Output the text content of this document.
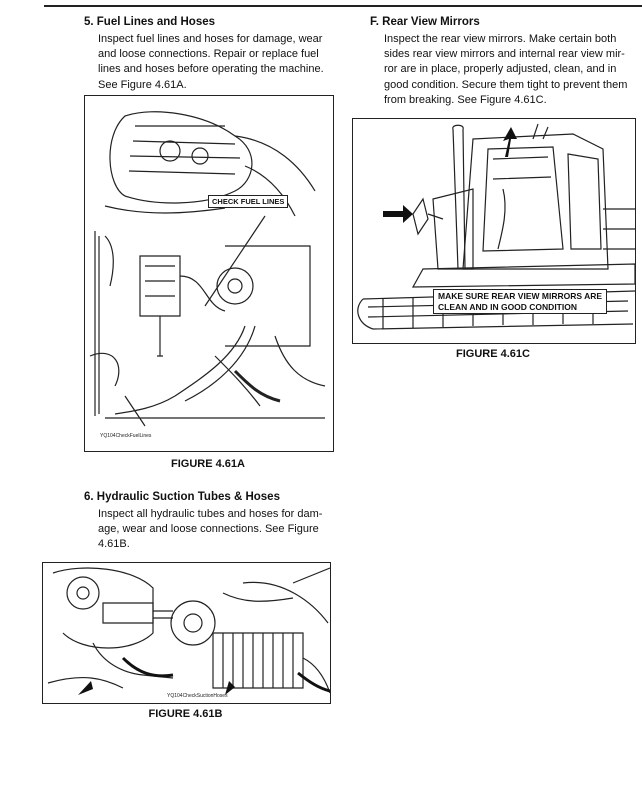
5. Fuel Lines and Hoses

Inspect fuel lines and hoses for damage, wear
and loose connections. Repair or replace fuel
lines and hoses before operating the machine.
See Figure 4.61A.

CHECK FUEL LINES
YQ104CheckFuelLines

FIGURE 4.61A

6. Hydraulic Suction Tubes & Hoses

Inspect all hydraulic tubes and hoses for dam-
age, wear and loose connections. See Figure
4.61B.

YQ104CheckSuctionHoses

FIGURE 4.61B

F. Rear View Mirrors

Inspect the rear view mirrors. Make certain both
sides rear view mirrors and internal rear view mir-
ror are in place, properly adjusted, clean, and in
good condition. Secure them tight to prevent them
from breaking. See Figure 4.61C.

MAKE SURE REAR VIEW MIRRORS ARE
CLEAN AND IN GOOD CONDITION

FIGURE 4.61C
